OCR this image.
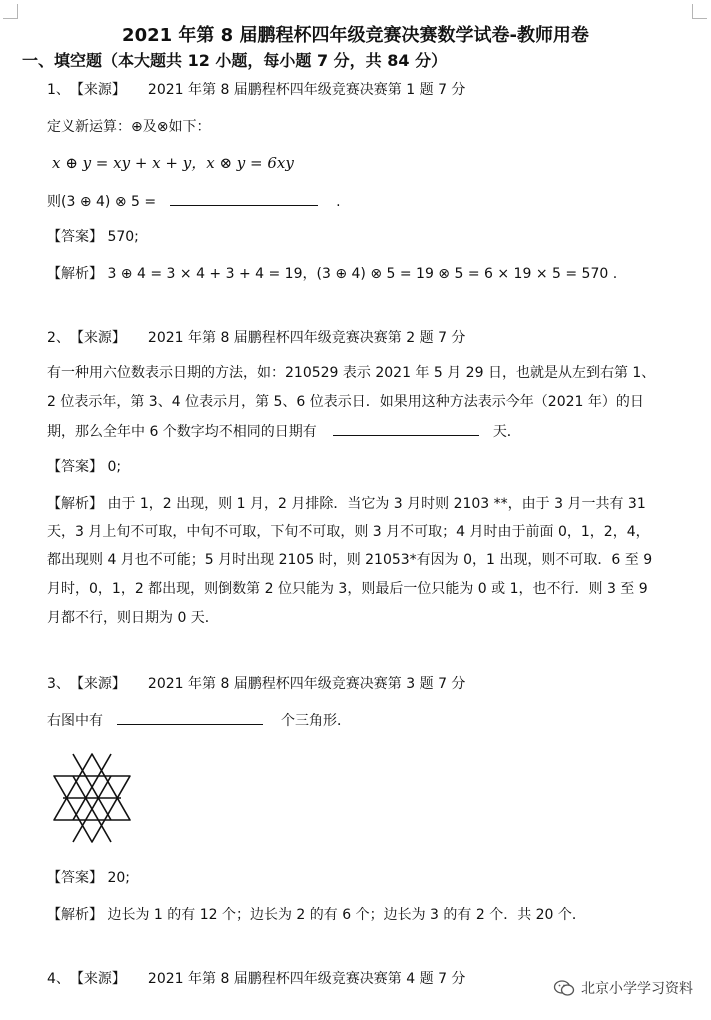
2021 年第 8 届鹏程杯四年级竞赛决赛数学试卷-教师用卷
一、填空题（本大题共 12 小题，每小题 7 分，共 84 分）
1、【来源】 2021 年第 8 届鹏程杯四年级竞赛决赛第 1 题 7 分
定义新运算：⊕及⊗如下：
x ⊕ y = xy + x + y，x ⊗ y = 6xy
则(3 ⊕ 4) ⊗ 5 =	.
【答案】 570;
【解析】 3 ⊕ 4 = 3 × 4 + 3 + 4 = 19，(3 ⊕ 4) ⊗ 5 = 19 ⊗ 5 = 6 × 19 × 5 = 570 .
2、【来源】 2021 年第 8 届鹏程杯四年级竞赛决赛第 2 题 7 分
有一种用六位数表示日期的方法，如：210529 表示 2021 年 5 月 29 日，也就是从左到右第 1、
2 位表示年，第 3、4 位表示月，第 5、6 位表示日．如果用这种方法表示今年（2021 年）的日
期，那么全年中 6 个数字均不相同的日期有	天．
【答案】 0;
【解析】 由于 1，2 出现，则 1 月，2 月排除．当它为 3 月时则 2103 **，由于 3 月一共有 31
天，3 月上旬不可取，中旬不可取，下旬不可取，则 3 月不可取；4 月时由于前面 0，1，2，4，
都出现则 4 月也不可能；5 月时出现 2105 时，则 21053*有因为 0，1 出现，则不可取．6 至 9
月时，0，1，2 都出现，则倒数第 2 位只能为 3，则最后一位只能为 0 或 1，也不行．则 3 至 9
月都不行，则日期为 0 天．
3、【来源】 2021 年第 8 届鹏程杯四年级竞赛决赛第 3 题 7 分
右图中有	个三角形．
【答案】 20;
【解析】 边长为 1 的有 12 个；边长为 2 的有 6 个；边长为 3 的有 2 个．共 20 个．
4、【来源】 2021 年第 8 届鹏程杯四年级竞赛决赛第 4 题 7 分
北京小学学习资料
